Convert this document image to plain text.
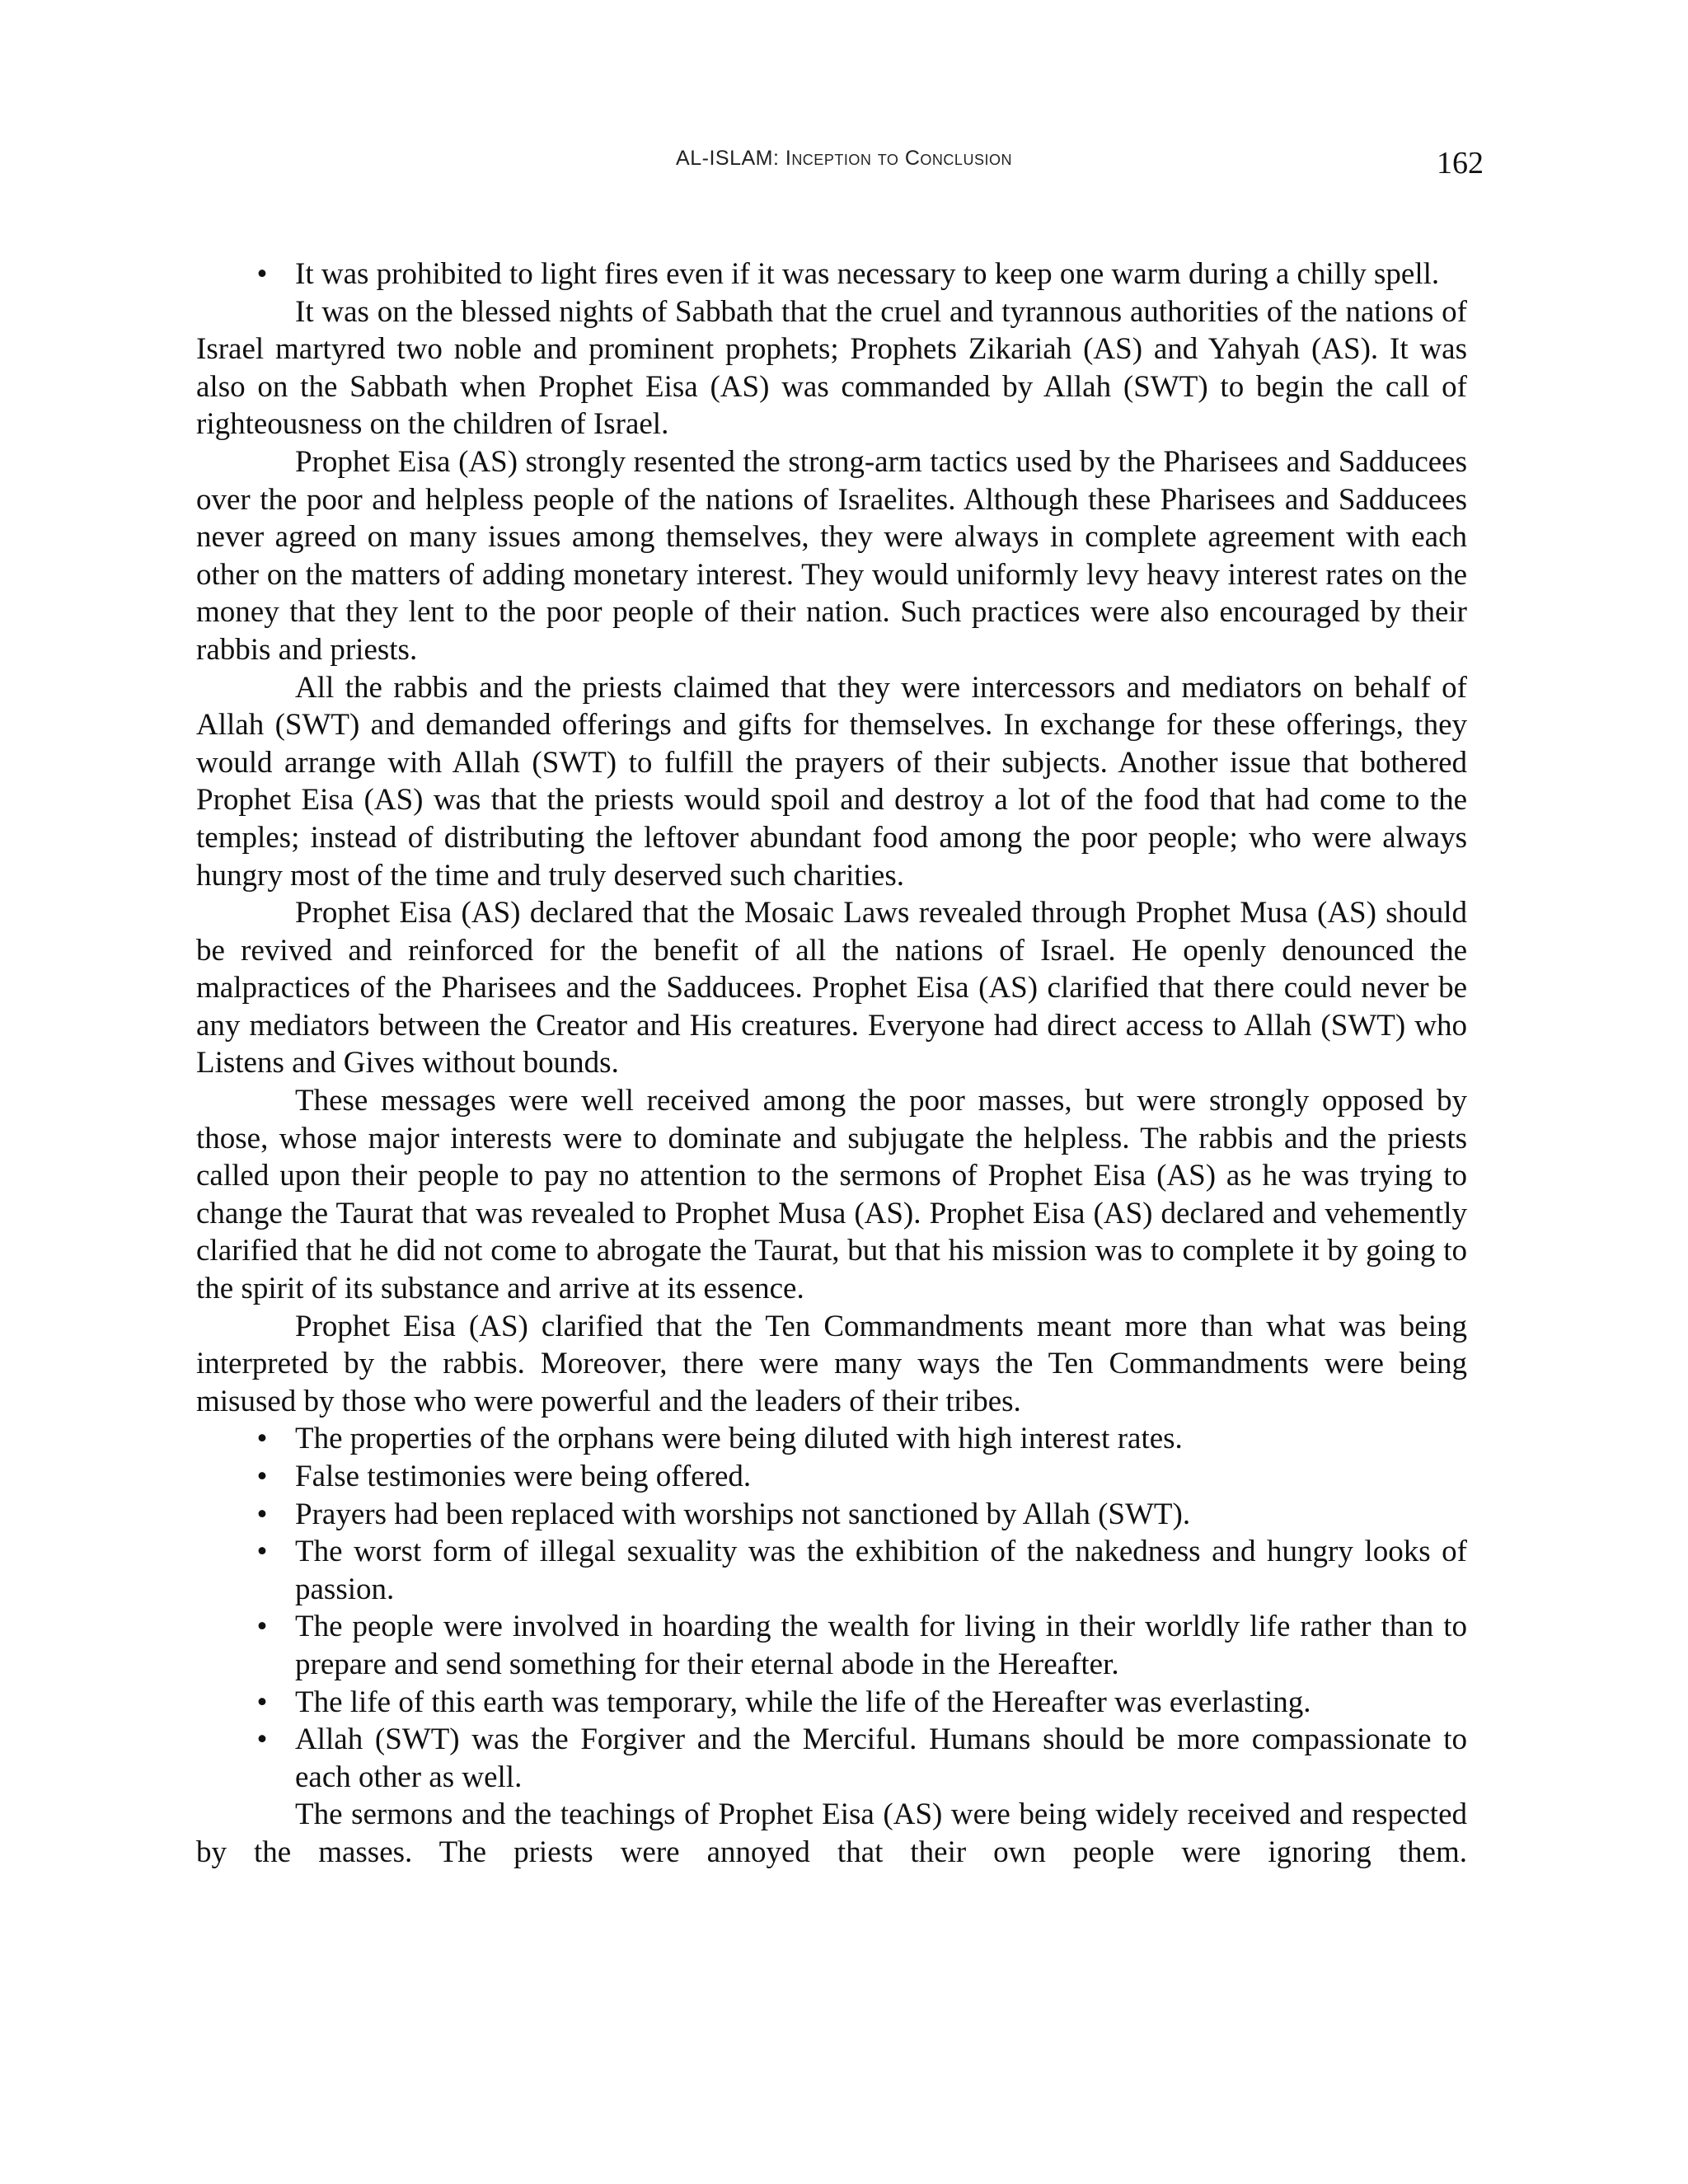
AL-ISLAM: Inception to Conclusion	162
• It was prohibited to light fires even if it was necessary to keep one warm during a chilly spell.

It was on the blessed nights of Sabbath that the cruel and tyrannous authorities of the nations of Israel martyred two noble and prominent prophets; Prophets Zikariah (AS) and Yahyah (AS). It was also on the Sabbath when Prophet Eisa (AS) was commanded by Allah (SWT) to begin the call of righteousness on the children of Israel.

Prophet Eisa (AS) strongly resented the strong-arm tactics used by the Pharisees and Sadducees over the poor and helpless people of the nations of Israelites. Although these Pharisees and Sadducees never agreed on many issues among themselves, they were always in complete agreement with each other on the matters of adding monetary interest. They would uniformly levy heavy interest rates on the money that they lent to the poor people of their nation. Such practices were also encouraged by their rabbis and priests.

All the rabbis and the priests claimed that they were intercessors and mediators on behalf of Allah (SWT) and demanded offerings and gifts for themselves. In exchange for these offerings, they would arrange with Allah (SWT) to fulfill the prayers of their subjects. Another issue that bothered Prophet Eisa (AS) was that the priests would spoil and destroy a lot of the food that had come to the temples; instead of distributing the leftover abundant food among the poor people; who were always hungry most of the time and truly deserved such charities.

Prophet Eisa (AS) declared that the Mosaic Laws revealed through Prophet Musa (AS) should be revived and reinforced for the benefit of all the nations of Israel. He openly denounced the malpractices of the Pharisees and the Sadducees. Prophet Eisa (AS) clarified that there could never be any mediators between the Creator and His creatures. Everyone had direct access to Allah (SWT) who Listens and Gives without bounds.

These messages were well received among the poor masses, but were strongly opposed by those, whose major interests were to dominate and subjugate the helpless. The rabbis and the priests called upon their people to pay no attention to the sermons of Prophet Eisa (AS) as he was trying to change the Taurat that was revealed to Prophet Musa (AS). Prophet Eisa (AS) declared and vehemently clarified that he did not come to abrogate the Taurat, but that his mission was to complete it by going to the spirit of its substance and arrive at its essence.

Prophet Eisa (AS) clarified that the Ten Commandments meant more than what was being interpreted by the rabbis. Moreover, there were many ways the Ten Commandments were being misused by those who were powerful and the leaders of their tribes.

• The properties of the orphans were being diluted with high interest rates.
• False testimonies were being offered.
• Prayers had been replaced with worships not sanctioned by Allah (SWT).
• The worst form of illegal sexuality was the exhibition of the nakedness and hungry looks of passion.
• The people were involved in hoarding the wealth for living in their worldly life rather than to prepare and send something for their eternal abode in the Hereafter.
• The life of this earth was temporary, while the life of the Hereafter was everlasting.
• Allah (SWT) was the Forgiver and the Merciful. Humans should be more compassionate to each other as well.

The sermons and the teachings of Prophet Eisa (AS) were being widely received and respected by the masses. The priests were annoyed that their own people were ignoring them.
